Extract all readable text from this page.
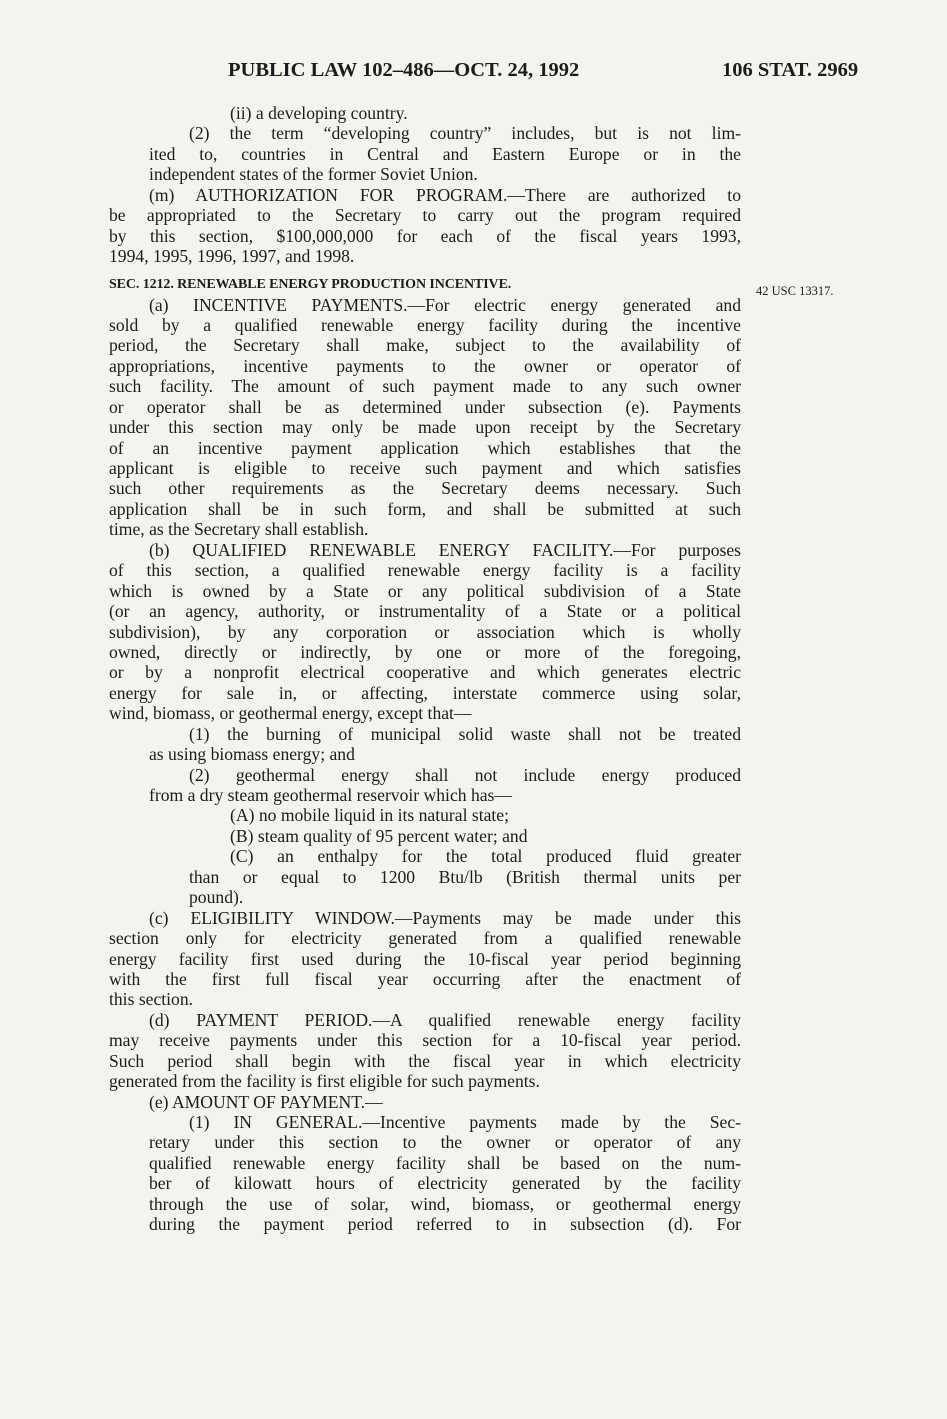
PUBLIC LAW 102–486—OCT. 24, 1992	106 STAT. 2969
42 USC 13317.
(ii) a developing country.
(2) the term “developing country” includes, but is not lim-
ited to, countries in Central and Eastern Europe or in the
independent states of the former Soviet Union.
(m) AUTHORIZATION FOR PROGRAM.—There are authorized to
be appropriated to the Secretary to carry out the program required
by this section, $100,000,000 for each of the fiscal years 1993,
1994, 1995, 1996, 1997, and 1998.
SEC. 1212. RENEWABLE ENERGY PRODUCTION INCENTIVE.
(a) INCENTIVE PAYMENTS.—For electric energy generated and
sold by a qualified renewable energy facility during the incentive
period, the Secretary shall make, subject to the availability of
appropriations, incentive payments to the owner or operator of
such facility. The amount of such payment made to any such owner
or operator shall be as determined under subsection (e). Payments
under this section may only be made upon receipt by the Secretary
of an incentive payment application which establishes that the
applicant is eligible to receive such payment and which satisfies
such other requirements as the Secretary deems necessary. Such
application shall be in such form, and shall be submitted at such
time, as the Secretary shall establish.
(b) QUALIFIED RENEWABLE ENERGY FACILITY.—For purposes
of this section, a qualified renewable energy facility is a facility
which is owned by a State or any political subdivision of a State
(or an agency, authority, or instrumentality of a State or a political
subdivision), by any corporation or association which is wholly
owned, directly or indirectly, by one or more of the foregoing,
or by a nonprofit electrical cooperative and which generates electric
energy for sale in, or affecting, interstate commerce using solar,
wind, biomass, or geothermal energy, except that—
(1) the burning of municipal solid waste shall not be treated
as using biomass energy; and
(2) geothermal energy shall not include energy produced
from a dry steam geothermal reservoir which has—
(A) no mobile liquid in its natural state;
(B) steam quality of 95 percent water; and
(C) an enthalpy for the total produced fluid greater
than or equal to 1200 Btu/lb (British thermal units per
pound).
(c) ELIGIBILITY WINDOW.—Payments may be made under this
section only for electricity generated from a qualified renewable
energy facility first used during the 10-fiscal year period beginning
with the first full fiscal year occurring after the enactment of
this section.
(d) PAYMENT PERIOD.—A qualified renewable energy facility
may receive payments under this section for a 10-fiscal year period.
Such period shall begin with the fiscal year in which electricity
generated from the facility is first eligible for such payments.
(e) AMOUNT OF PAYMENT.—
(1) IN GENERAL.—Incentive payments made by the Sec-
retary under this section to the owner or operator of any
qualified renewable energy facility shall be based on the num-
ber of kilowatt hours of electricity generated by the facility
through the use of solar, wind, biomass, or geothermal energy
during the payment period referred to in subsection (d). For
